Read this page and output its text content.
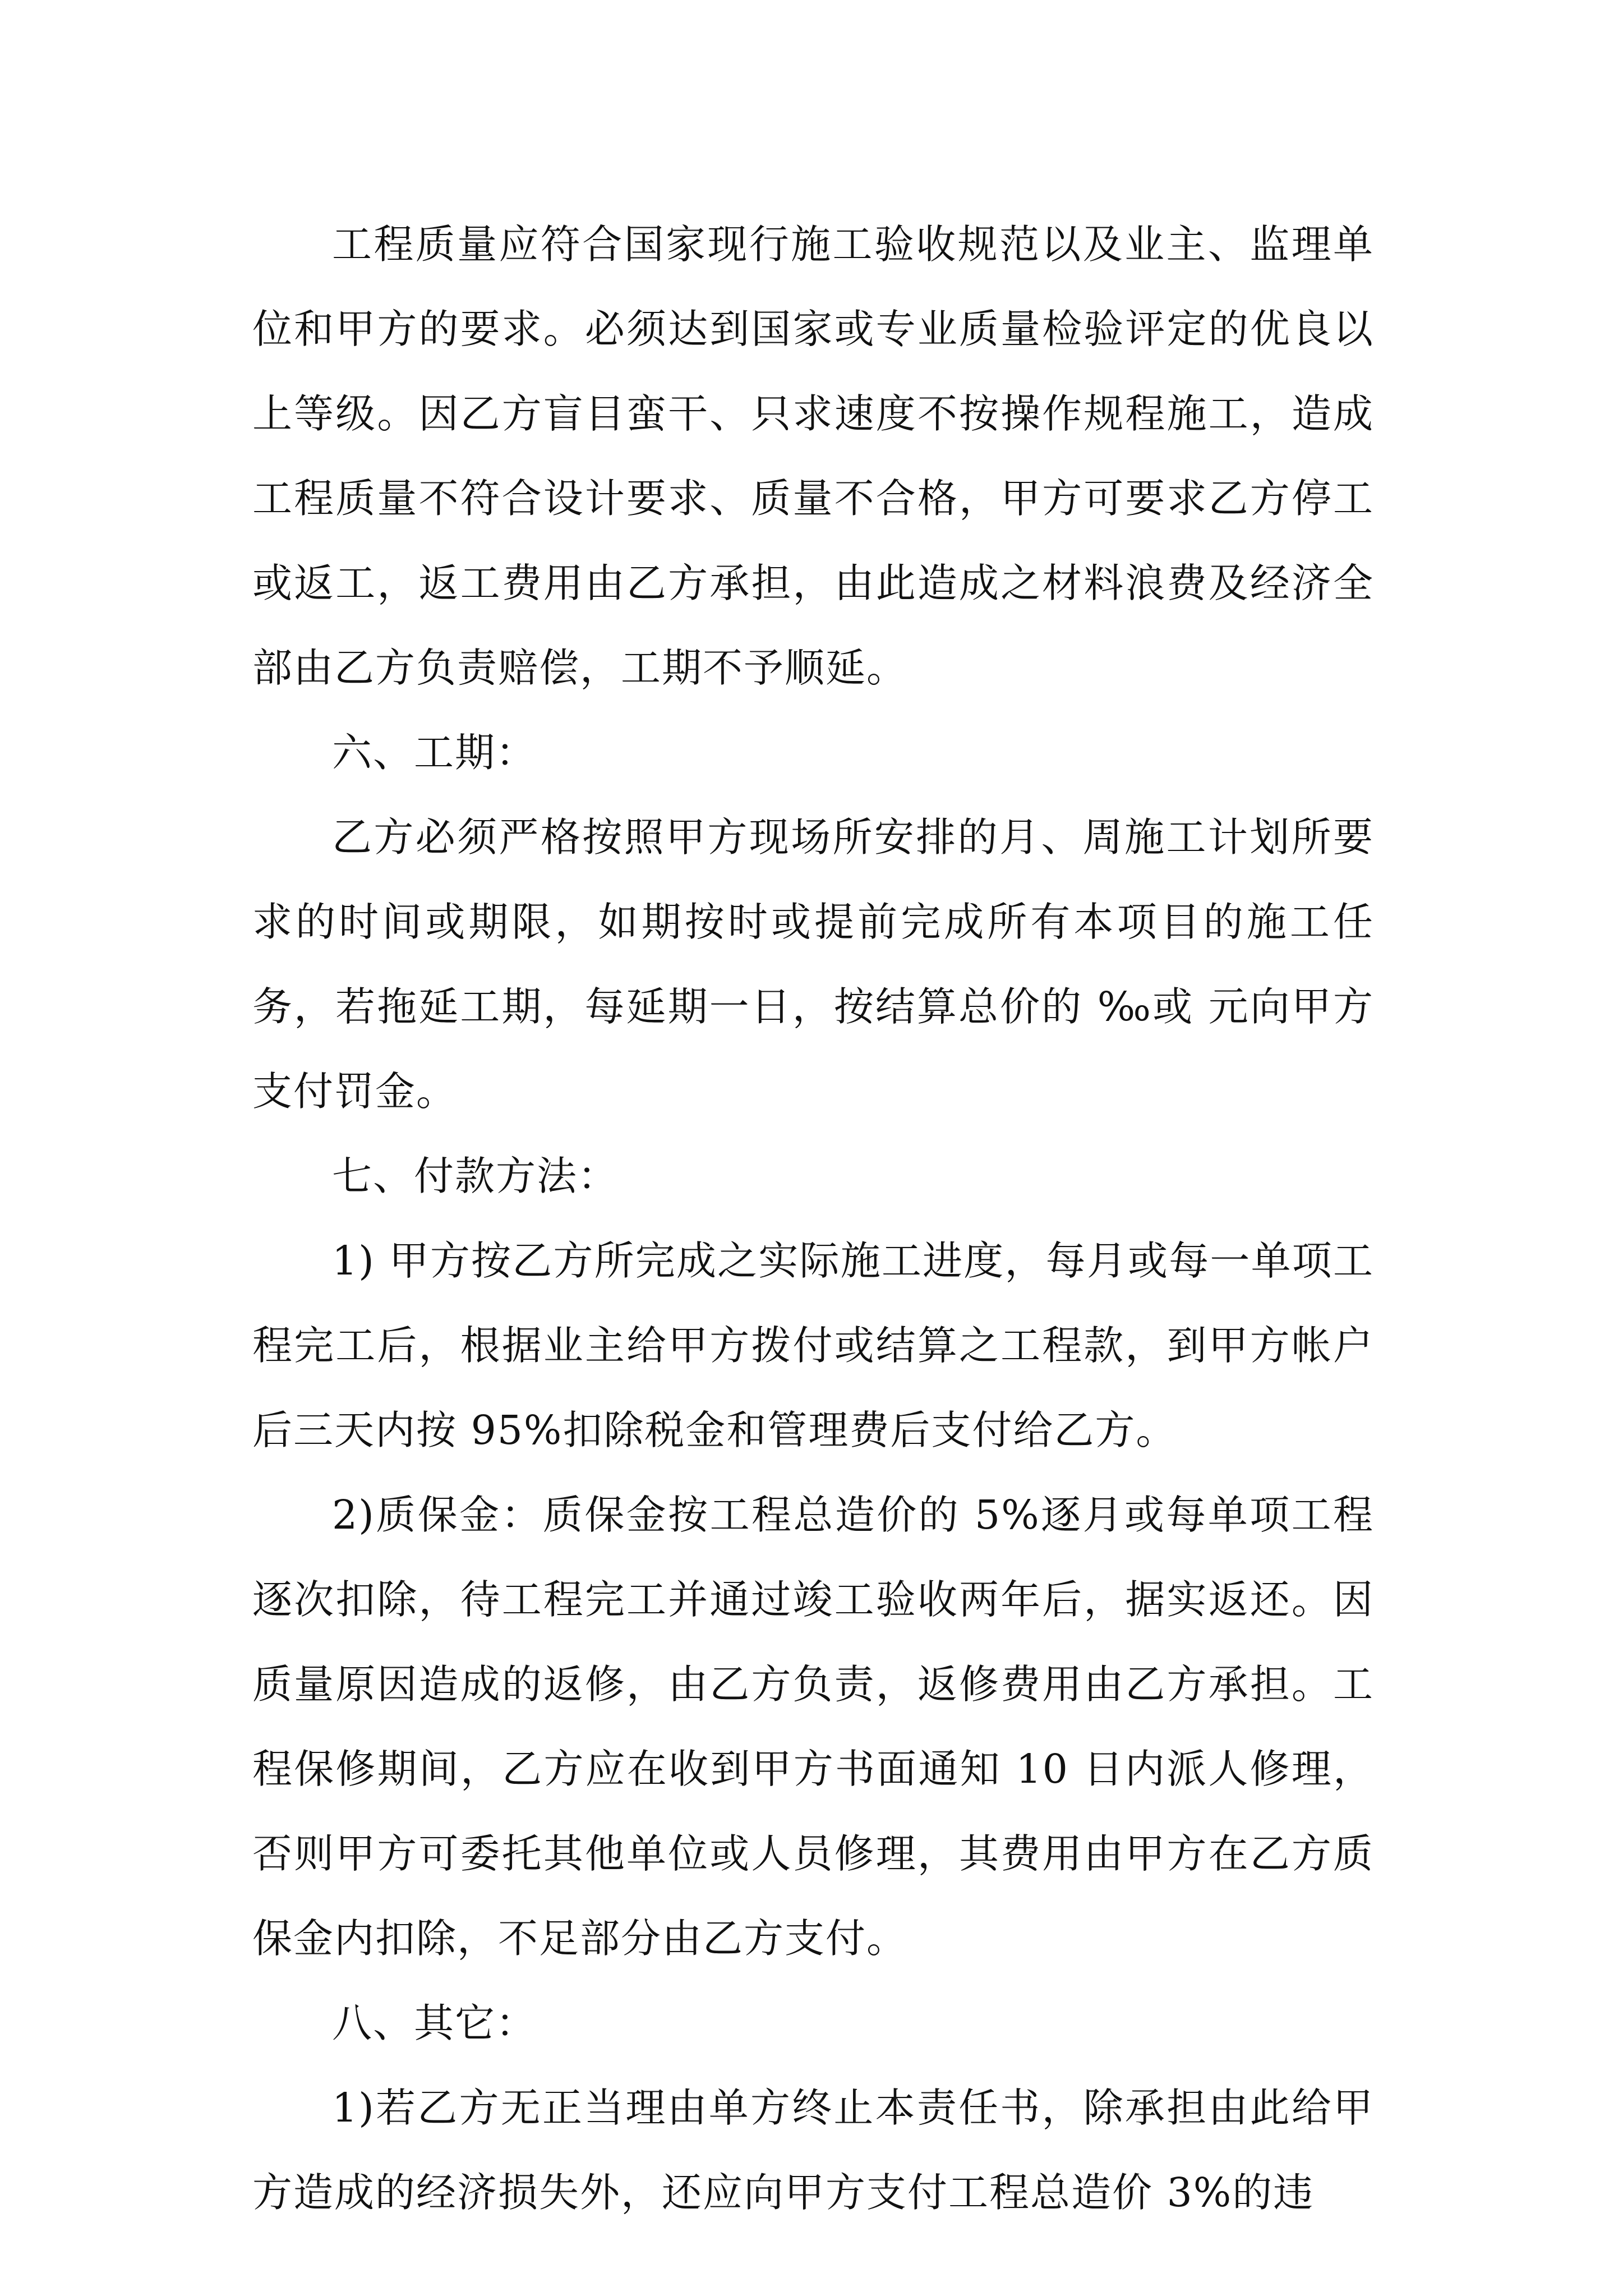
工程质量应符合国家现行施工验收规范以及业主、监理单位和甲方的要求。必须达到国家或专业质量检验评定的优良以上等级。因乙方盲目蛮干、只求速度不按操作规程施工，造成工程质量不符合设计要求、质量不合格，甲方可要求乙方停工或返工，返工费用由乙方承担，由此造成之材料浪费及经济全部由乙方负责赔偿，工期不予顺延。

六、工期：

乙方必须严格按照甲方现场所安排的月、周施工计划所要求的时间或期限，如期按时或提前完成所有本项目的施工任务，若拖延工期，每延期一日，按结算总价的 ‰或 元向甲方支付罚金。

七、付款方法：

1) 甲方按乙方所完成之实际施工进度，每月或每一单项工程完工后，根据业主给甲方拨付或结算之工程款，到甲方帐户后三天内按 95%扣除税金和管理费后支付给乙方。

2)质保金：质保金按工程总造价的 5%逐月或每单项工程逐次扣除，待工程完工并通过竣工验收两年后，据实返还。因质量原因造成的返修，由乙方负责，返修费用由乙方承担。工程保修期间，乙方应在收到甲方书面通知 10 日内派人修理，否则甲方可委托其他单位或人员修理，其费用由甲方在乙方质保金内扣除，不足部分由乙方支付。

八、其它：

1)若乙方无正当理由单方终止本责任书，除承担由此给甲方造成的经济损失外，还应向甲方支付工程总造价 3%的违
